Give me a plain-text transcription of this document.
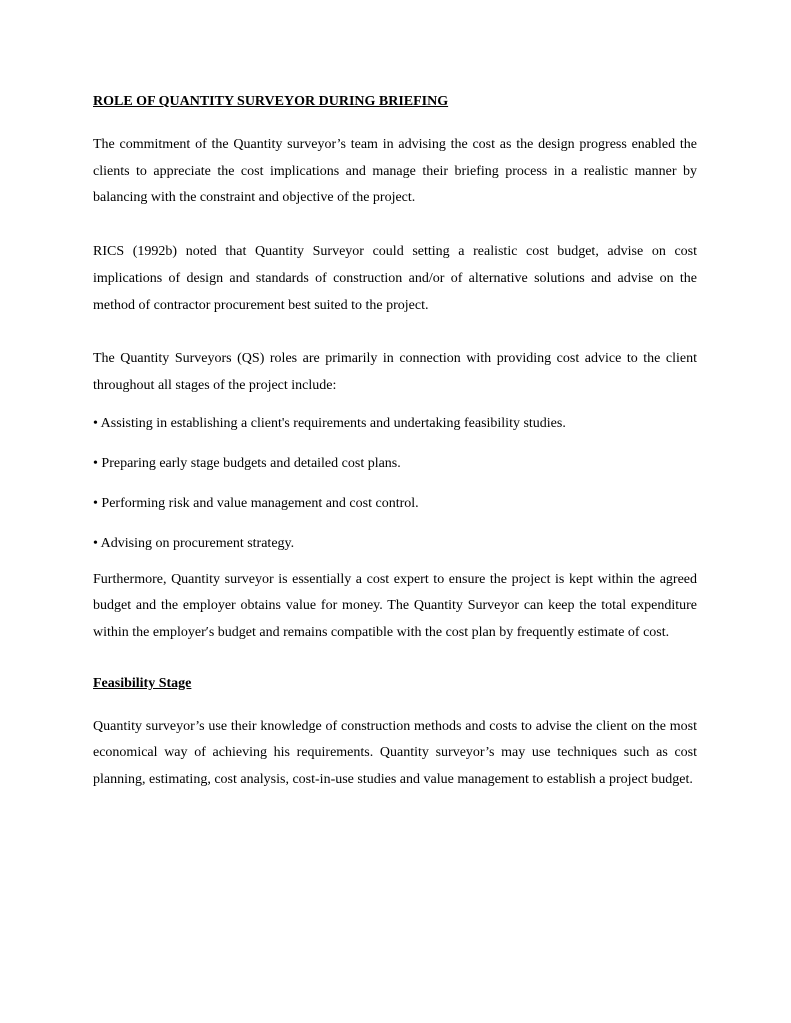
ROLE OF QUANTITY SURVEYOR DURING BRIEFING

The commitment of the Quantity surveyor’s team in advising the cost as the design progress enabled the clients to appreciate the cost implications and manage their briefing process in a realistic manner by balancing with the constraint and objective of the project.

RICS (1992b) noted that Quantity Surveyor could setting a realistic cost budget, advise on cost implications of design and standards of construction and/or of alternative solutions and advise on the method of contractor procurement best suited to the project.

The Quantity Surveyors (QS) roles are primarily in connection with providing cost advice to the client throughout all stages of the project include:

• Assisting in establishing a client's requirements and undertaking feasibility studies.

• Preparing early stage budgets and detailed cost plans.

• Performing risk and value management and cost control.

• Advising on procurement strategy.

Furthermore, Quantity surveyor is essentially a cost expert to ensure the project is kept within the agreed budget and the employer obtains value for money. The Quantity Surveyor can keep the total expenditure within the employer′s budget and remains compatible with the cost plan by frequently estimate of cost.

Feasibility Stage

Quantity surveyor’s use their knowledge of construction methods and costs to advise the client on the most economical way of achieving his requirements. Quantity surveyor’s may use techniques such as cost planning, estimating, cost analysis, cost-in-use studies and value management to establish a project budget.
